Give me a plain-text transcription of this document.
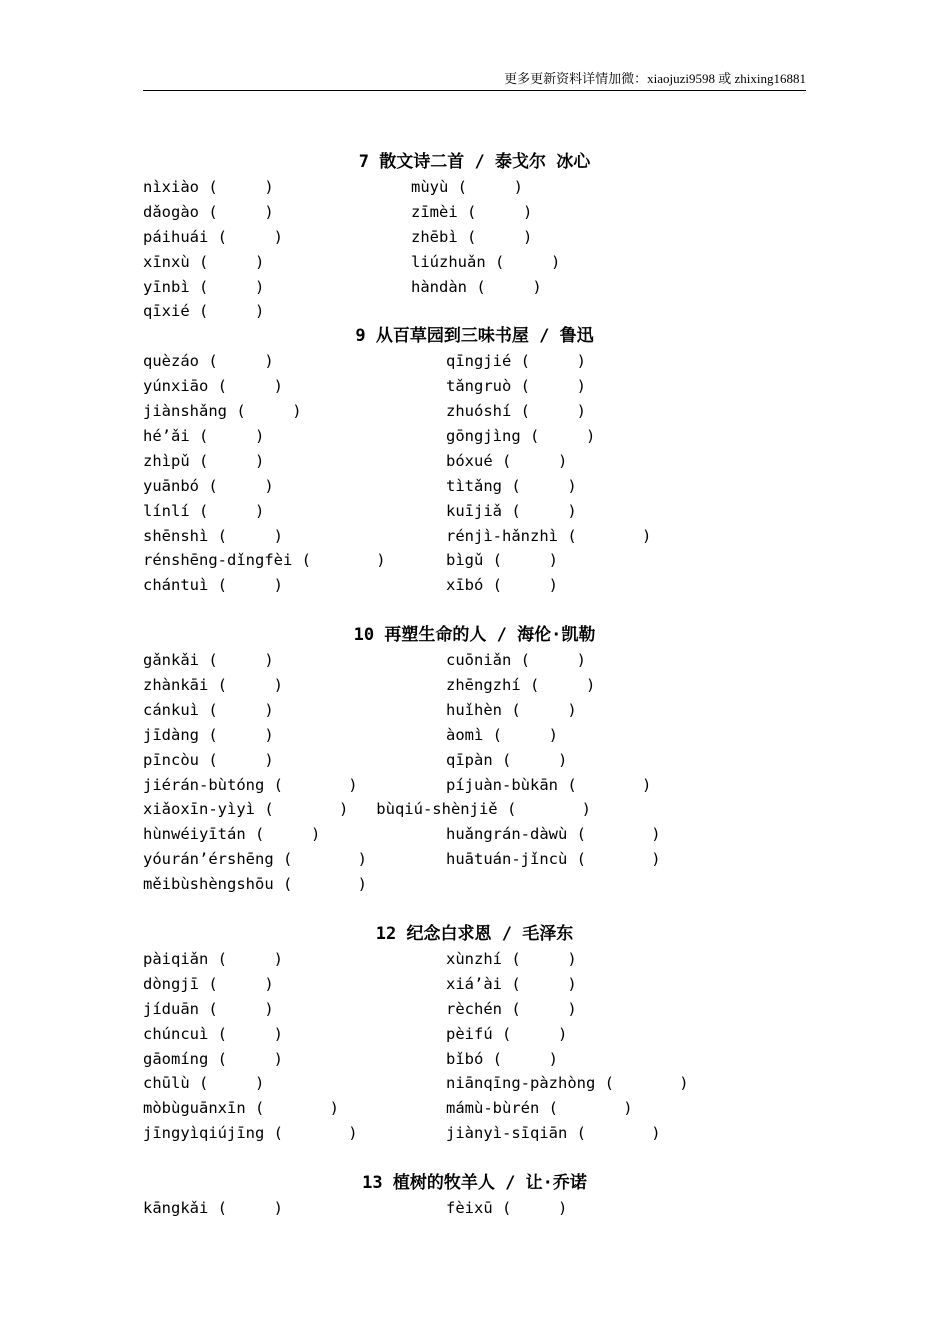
更多更新资料详情加微：xiaojuzi9598 或 zhixing16881
7 散文诗二首 / 泰戈尔 冰心
nìxiào (     )	mùyù (     )
dǎogào (     )	zīmèi (     )
páihuái (     )	zhēbì (     )
xīnxù (     )	liúzhuǎn (     )
yīnbì (     )	hàndàn (     )
qīxié (     )
9 从百草园到三味书屋 / 鲁迅
quèzáo (     )	qīngjié (     )
yúnxiāo (     )	tǎngruò (     )
jiànshǎng (     )	zhuóshí (     )
hé’ǎi (     )	gōngjìng (     )
zhìpǔ (     )	bóxué (     )
yuānbó (     )	tìtǎng (     )
línlí (     )	kuījiǎ (     )
shēnshì (     )	rénjì-hǎnzhì (       )
rénshēng-dǐngfèi (       )	bìgǔ (     )
chántuì (     )	xībó (     )
10 再塑生命的人 / 海伦·凯勒
gǎnkǎi (     )	cuōniǎn (     )
zhànkāi (     )	zhēngzhí (     )
cánkuì (     )	huǐhèn (     )
jīdàng (     )	àomì (     )
pīncòu (     )	qīpàn (     )
jiérán-bùtóng (       )	píjuàn-bùkān (       )
xiǎoxīn-yìyì (       )   bùqiú-shènjiě (       )
hùnwéiyītán (     )	huǎngrán-dàwù (       )
yóurán’érshēng (       )	huātuán-jǐncù (       )
měibùshèngshōu (       )
12 纪念白求恩 / 毛泽东
pàiqiǎn (     )	xùnzhí (     )
dòngjī (     )	xiá’ài (     )
jíduān (     )	rèchén (     )
chúncuì (     )	pèifú (     )
gāomíng (     )	bǐbó (     )
chūlù (     )	niānqīng-pàzhòng (       )
mòbùguānxīn (       )	mámù-bùrén (       )
jīngyìqiújīng (       )	jiànyì-sīqiān (       )
13 植树的牧羊人 / 让·乔诺
kāngkǎi (     )	fèixū (     )
